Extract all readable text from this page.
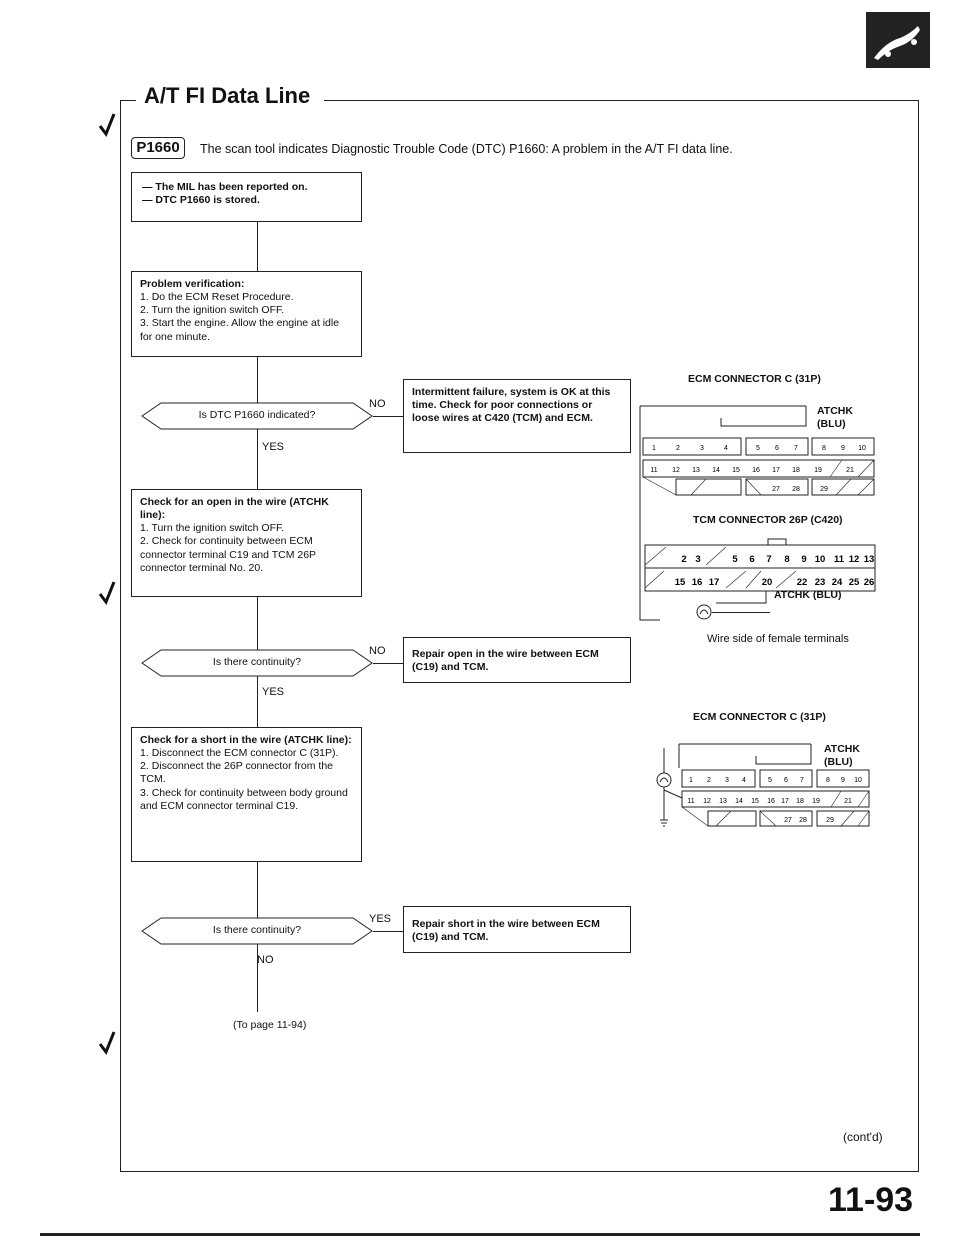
A/T FI Data Line
P1660	The scan tool indicates Diagnostic Trouble Code (DTC) P1660: A problem in the A/T FI data line.
— The MIL has been reported on.
— DTC P1660 is stored.
Problem verification:
1. Do the ECM Reset Procedure.
2. Turn the ignition switch OFF.
3. Start the engine. Allow the engine at idle for one minute.
Is DTC P1660 indicated?
NO
YES
Intermittent failure, system is OK at this time. Check for poor connections or loose wires at C420 (TCM) and ECM.
Check for an open in the wire (ATCHK line):
1. Turn the ignition switch OFF.
2. Check for continuity between ECM connector terminal C19 and TCM 26P connector terminal No. 20.
Is there continuity?
NO
YES
Repair open in the wire between ECM (C19) and TCM.
Check for a short in the wire (ATCHK line):
1. Disconnect the ECM connector C (31P).
2. Disconnect the 26P connector from the TCM.
3. Check for continuity between body ground and ECM connector terminal C19.
Is there continuity?
YES
NO
Repair short in the wire between ECM (C19) and TCM.
(To page 11-94)
ECM CONNECTOR C (31P)
ATCHK (BLU)
1	2	3	4	5 6 7	8 9 10
11 12 13 14 15 16 17 18 19	21
27 28	29
TCM CONNECTOR 26P (C420)
2 3	5 6 7 8 9 10 11 12 13
15 16 17	20	22 23 24 25 26
ATCHK (BLU)
Wire side of female terminals
ECM CONNECTOR C (31P)
ATCHK (BLU)
1 2 3 4	5 6 7	8 9 10
11 12 13 14 15 16 17 18 19	21
27 28	29
(cont'd)
11-93
